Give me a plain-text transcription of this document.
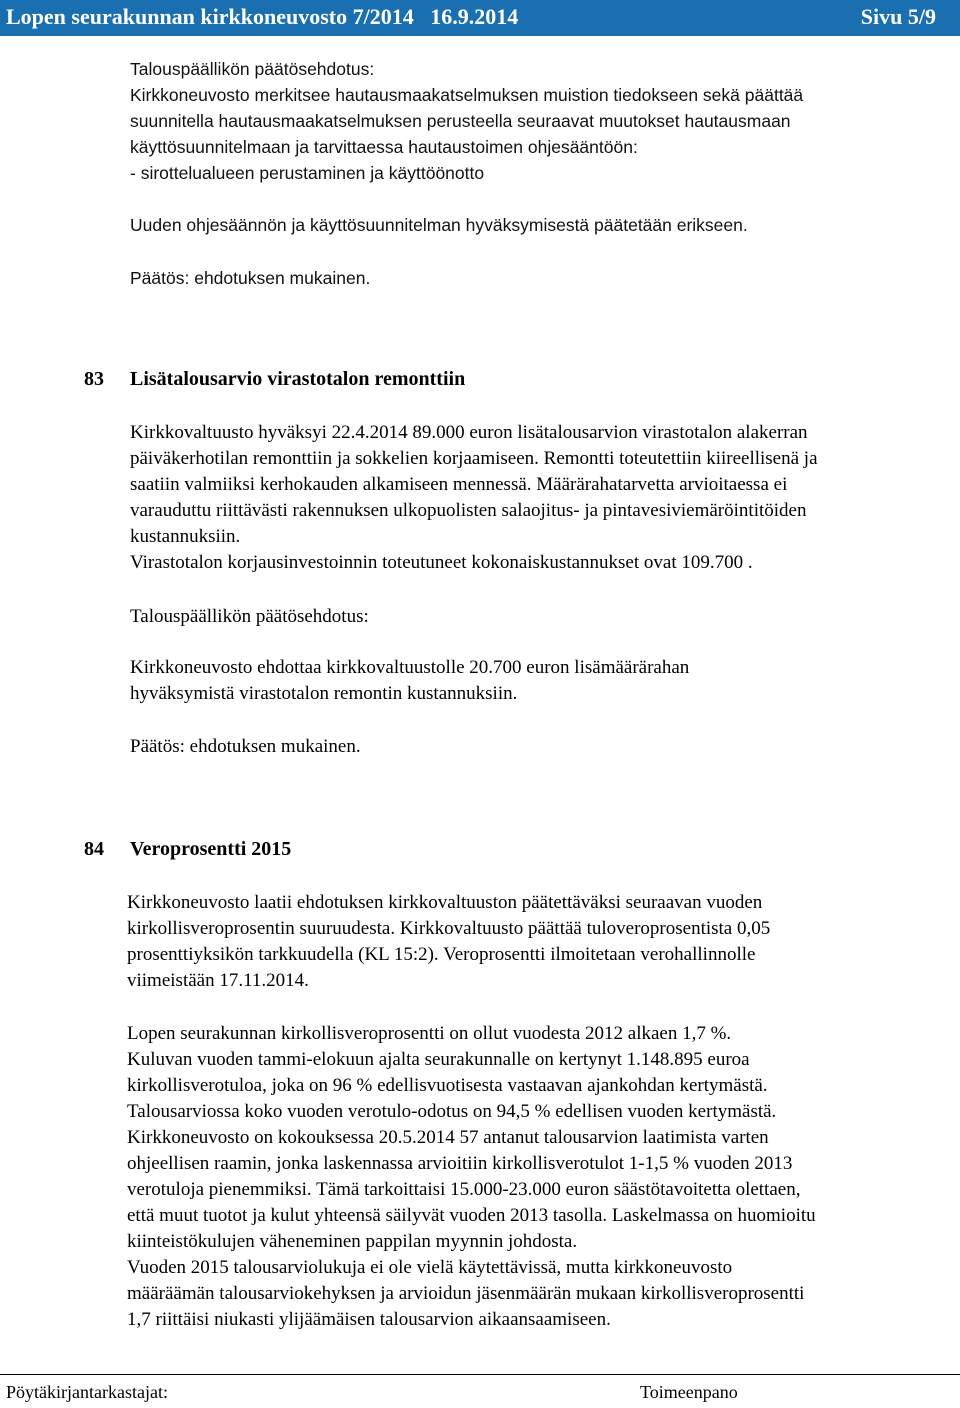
Lopen seurakunnan kirkkoneuvosto 7/2014   16.9.2014	Sivu 5/9
Talouspäällikön päätösehdotus:
Kirkkoneuvosto merkitsee hautausmaakatselmuksen muistion tiedokseen sekä päättää
suunnitella hautausmaakatselmuksen perusteella seuraavat muutokset hautausmaan
käyttösuunnitelmaan ja tarvittaessa hautaustoimen ohjesääntöön:
- sirottelualueen perustaminen ja käyttöönotto
Uuden ohjesäännön ja käyttösuunnitelman hyväksymisestä päätetään erikseen.
Päätös: ehdotuksen mukainen.
83 Lisätalousarvio virastotalon remonttiin
Kirkkovaltuusto hyväksyi 22.4.2014 89.000 euron lisätalousarvion virastotalon alakerran
päiväkerhotilan remonttiin ja sokkelien korjaamiseen. Remontti toteutettiin kiireellisenä ja
saatiin valmiiksi kerhokauden alkamiseen mennessä. Määrärahatarvetta arvioitaessa ei
varauduttu riittävästi rakennuksen ulkopuolisten salaojitus- ja pintavesiviemäröintitöiden
kustannuksiin.
Virastotalon korjausinvestoinnin toteutuneet kokonaiskustannukset ovat 109.700 .
Talouspäällikön päätösehdotus:
Kirkkoneuvosto ehdottaa kirkkovaltuustolle 20.700 euron lisämäärärahan
hyväksymistä virastotalon remontin kustannuksiin.
Päätös: ehdotuksen mukainen.
84 Veroprosentti 2015
Kirkkoneuvosto laatii ehdotuksen kirkkovaltuuston päätettäväksi seuraavan vuoden
kirkollisveroprosentin suuruudesta. Kirkkovaltuusto päättää tuloveroprosentista 0,05
prosenttiyksikön tarkkuudella (KL 15:2). Veroprosentti ilmoitetaan verohallinnolle
viimeistään 17.11.2014.
Lopen seurakunnan kirkollisveroprosentti on ollut vuodesta 2012 alkaen 1,7 %.
Kuluvan vuoden tammi-elokuun ajalta seurakunnalle on kertynyt 1.148.895 euroa
kirkollisverotuloa, joka on 96 % edellisvuotisesta vastaavan ajankohdan kertymästä.
Talousarviossa koko vuoden verotulo-odotus on 94,5 % edellisen vuoden kertymästä.
Kirkkoneuvosto on kokouksessa 20.5.2014 57 antanut talousarvion laatimista varten
ohjeellisen raamin, jonka laskennassa arvioitiin kirkollisverotulot 1-1,5 % vuoden 2013
verotuloja pienemmiksi. Tämä tarkoittaisi 15.000-23.000 euron säästötavoitetta olettaen,
että muut tuotot ja kulut yhteensä säilyvät vuoden 2013 tasolla. Laskelmassa on huomioitu
kiinteistökulujen väheneminen pappilan myynnin johdosta.
Vuoden 2015 talousarviolukuja ei ole vielä käytettävissä, mutta kirkkoneuvosto
määräämän talousarviokehyksen ja arvioidun jäsenmäärän mukaan kirkollisveroprosentti
1,7 riittäisi niukasti ylijäämäisen talousarvion aikaansaamiseen.
Pöytäkirjantarkastajat:	Toimeenpano
